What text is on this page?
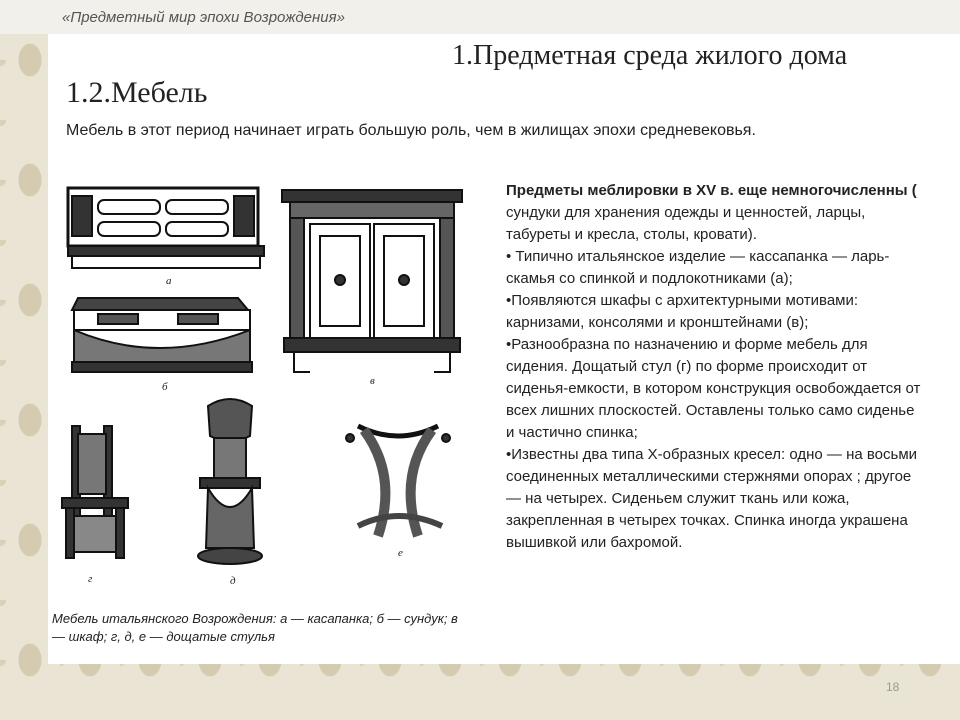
«Предметный мир эпохи Возрождения»
1.Предметная среда жилого дома
1.2.Мебель
Мебель в этот период начинает играть большую роль, чем в жилищах эпохи средневековья.
а
б	в
г	д
е
Мебель итальянского Возрождения: а — касапанка; б — сундук; в — шкаф; г, д, е — дощатые стулья

Предметы меблировки в XV в. еще немногочисленны ( сундуки для хранения одежды и ценностей, ларцы, табуреты и кресла, столы, кровати).

• Типично итальянское изделие — кассапанка — ларь-скамья со спинкой и подлокотниками (а);

•Появляются шкафы с архитектурными мотивами: карнизами, консолями и кронштейнами (в);

•Разнообразна по назначению и форме мебель для сидения. Дощатый стул (г) по форме происходит от сиденья-емкости, в котором конструкция освобождается от всех лишних плоскостей. Оставлены только само сиденье и частично спинка;

•Известны два типа Х-образных кресел: одно — на восьми соединенных металлическими стержнями опорах ; другое — на четырех. Сиденьем служит ткань или кожа, закрепленная в четырех точках. Спинка иногда украшена вышивкой или бахромой.

18
